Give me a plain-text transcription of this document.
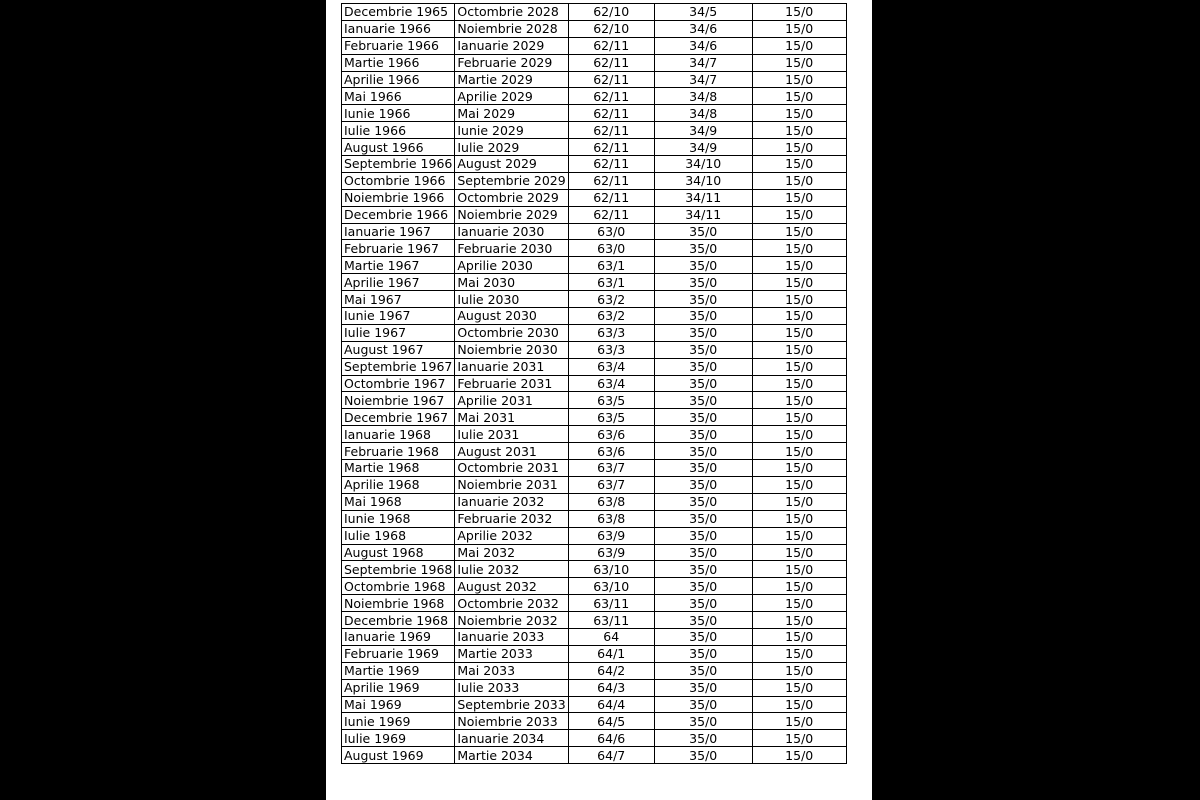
Decembrie 1965	Octombrie 2028	62/10	34/5	15/0
Ianuarie 1966	Noiembrie 2028	62/10	34/6	15/0
Februarie 1966	Ianuarie 2029	62/11	34/6	15/0
Martie 1966	Februarie 2029	62/11	34/7	15/0
Aprilie 1966	Martie 2029	62/11	34/7	15/0
Mai 1966	Aprilie 2029	62/11	34/8	15/0
Iunie 1966	Mai 2029	62/11	34/8	15/0
Iulie 1966	Iunie 2029	62/11	34/9	15/0
August 1966	Iulie 2029	62/11	34/9	15/0
Septembrie 1966	August 2029	62/11	34/10	15/0
Octombrie 1966	Septembrie 2029	62/11	34/10	15/0
Noiembrie 1966	Octombrie 2029	62/11	34/11	15/0
Decembrie 1966	Noiembrie 2029	62/11	34/11	15/0
Ianuarie 1967	Ianuarie 2030	63/0	35/0	15/0
Februarie 1967	Februarie 2030	63/0	35/0	15/0
Martie 1967	Aprilie 2030	63/1	35/0	15/0
Aprilie 1967	Mai 2030	63/1	35/0	15/0
Mai 1967	Iulie 2030	63/2	35/0	15/0
Iunie 1967	August 2030	63/2	35/0	15/0
Iulie 1967	Octombrie 2030	63/3	35/0	15/0
August 1967	Noiembrie 2030	63/3	35/0	15/0
Septembrie 1967	Ianuarie 2031	63/4	35/0	15/0
Octombrie 1967	Februarie 2031	63/4	35/0	15/0
Noiembrie 1967	Aprilie 2031	63/5	35/0	15/0
Decembrie 1967	Mai 2031	63/5	35/0	15/0
Ianuarie 1968	Iulie 2031	63/6	35/0	15/0
Februarie 1968	August 2031	63/6	35/0	15/0
Martie 1968	Octombrie 2031	63/7	35/0	15/0
Aprilie 1968	Noiembrie 2031	63/7	35/0	15/0
Mai 1968	Ianuarie 2032	63/8	35/0	15/0
Iunie 1968	Februarie 2032	63/8	35/0	15/0
Iulie 1968	Aprilie 2032	63/9	35/0	15/0
August 1968	Mai 2032	63/9	35/0	15/0
Septembrie 1968	Iulie 2032	63/10	35/0	15/0
Octombrie 1968	August 2032	63/10	35/0	15/0
Noiembrie 1968	Octombrie 2032	63/11	35/0	15/0
Decembrie 1968	Noiembrie 2032	63/11	35/0	15/0
Ianuarie 1969	Ianuarie 2033	64	35/0	15/0
Februarie 1969	Martie 2033	64/1	35/0	15/0
Martie 1969	Mai 2033	64/2	35/0	15/0
Aprilie 1969	Iulie 2033	64/3	35/0	15/0
Mai 1969	Septembrie 2033	64/4	35/0	15/0
Iunie 1969	Noiembrie 2033	64/5	35/0	15/0
Iulie 1969	Ianuarie 2034	64/6	35/0	15/0
August 1969	Martie 2034	64/7	35/0	15/0
